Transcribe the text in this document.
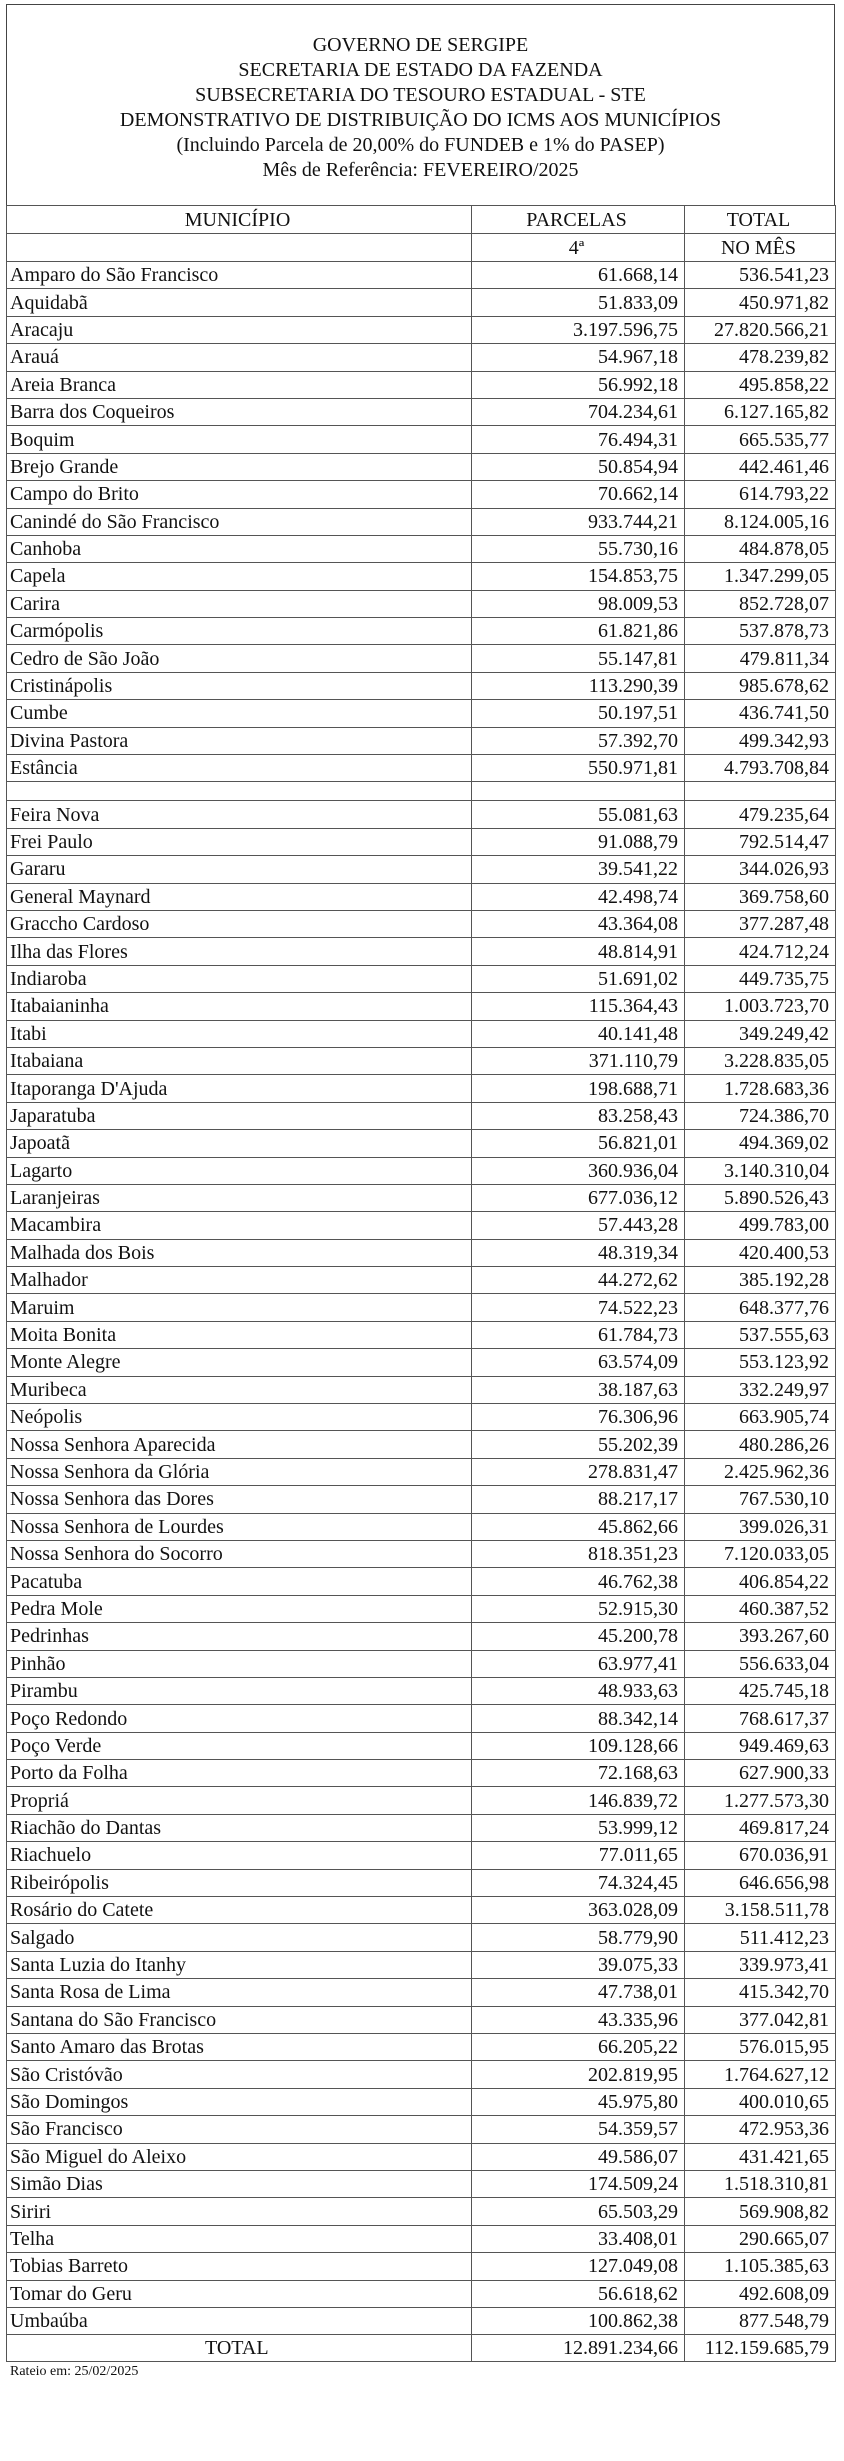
GOVERNO DE SERGIPE
SECRETARIA DE ESTADO DA FAZENDA
SUBSECRETARIA DO TESOURO ESTADUAL - STE
DEMONSTRATIVO DE DISTRIBUIÇÃO DO ICMS AOS MUNICÍPIOS
(Incluindo Parcela de 20,00% do FUNDEB e 1% do PASEP)
Mês de Referência: FEVEREIRO/2025
MUNICÍPIO	PARCELAS	TOTAL
	4ª	NO MÊS
Amparo do São Francisco	61.668,14	536.541,23
Aquidabã	51.833,09	450.971,82
Aracaju	3.197.596,75	27.820.566,21
Arauá	54.967,18	478.239,82
Areia Branca	56.992,18	495.858,22
Barra dos Coqueiros	704.234,61	6.127.165,82
Boquim	76.494,31	665.535,77
Brejo Grande	50.854,94	442.461,46
Campo do Brito	70.662,14	614.793,22
Canindé do São Francisco	933.744,21	8.124.005,16
Canhoba	55.730,16	484.878,05
Capela	154.853,75	1.347.299,05
Carira	98.009,53	852.728,07
Carmópolis	61.821,86	537.878,73
Cedro de São João	55.147,81	479.811,34
Cristinápolis	113.290,39	985.678,62
Cumbe	50.197,51	436.741,50
Divina Pastora	57.392,70	499.342,93
Estância	550.971,81	4.793.708,84

Feira Nova	55.081,63	479.235,64
Frei Paulo	91.088,79	792.514,47
Gararu	39.541,22	344.026,93
General Maynard	42.498,74	369.758,60
Graccho Cardoso	43.364,08	377.287,48
Ilha das Flores	48.814,91	424.712,24
Indiaroba	51.691,02	449.735,75
Itabaianinha	115.364,43	1.003.723,70
Itabi	40.141,48	349.249,42
Itabaiana	371.110,79	3.228.835,05
Itaporanga D'Ajuda	198.688,71	1.728.683,36
Japaratuba	83.258,43	724.386,70
Japoatã	56.821,01	494.369,02
Lagarto	360.936,04	3.140.310,04
Laranjeiras	677.036,12	5.890.526,43
Macambira	57.443,28	499.783,00
Malhada dos Bois	48.319,34	420.400,53
Malhador	44.272,62	385.192,28
Maruim	74.522,23	648.377,76
Moita Bonita	61.784,73	537.555,63
Monte Alegre	63.574,09	553.123,92
Muribeca	38.187,63	332.249,97
Neópolis	76.306,96	663.905,74
Nossa Senhora Aparecida	55.202,39	480.286,26
Nossa Senhora da Glória	278.831,47	2.425.962,36
Nossa Senhora das Dores	88.217,17	767.530,10
Nossa Senhora de Lourdes	45.862,66	399.026,31
Nossa Senhora do Socorro	818.351,23	7.120.033,05
Pacatuba	46.762,38	406.854,22
Pedra Mole	52.915,30	460.387,52
Pedrinhas	45.200,78	393.267,60
Pinhão	63.977,41	556.633,04
Pirambu	48.933,63	425.745,18
Poço Redondo	88.342,14	768.617,37
Poço Verde	109.128,66	949.469,63
Porto da Folha	72.168,63	627.900,33
Propriá	146.839,72	1.277.573,30
Riachão do Dantas	53.999,12	469.817,24
Riachuelo	77.011,65	670.036,91
Ribeirópolis	74.324,45	646.656,98
Rosário do Catete	363.028,09	3.158.511,78
Salgado	58.779,90	511.412,23
Santa Luzia do Itanhy	39.075,33	339.973,41
Santa Rosa de Lima	47.738,01	415.342,70
Santana do São Francisco	43.335,96	377.042,81
Santo Amaro das Brotas	66.205,22	576.015,95
São Cristóvão	202.819,95	1.764.627,12
São Domingos	45.975,80	400.010,65
São Francisco	54.359,57	472.953,36
São Miguel do Aleixo	49.586,07	431.421,65
Simão Dias	174.509,24	1.518.310,81
Siriri	65.503,29	569.908,82
Telha	33.408,01	290.665,07
Tobias Barreto	127.049,08	1.105.385,63
Tomar do Geru	56.618,62	492.608,09
Umbaúba	100.862,38	877.548,79
TOTAL	12.891.234,66	112.159.685,79
Rateio em: 25/02/2025
